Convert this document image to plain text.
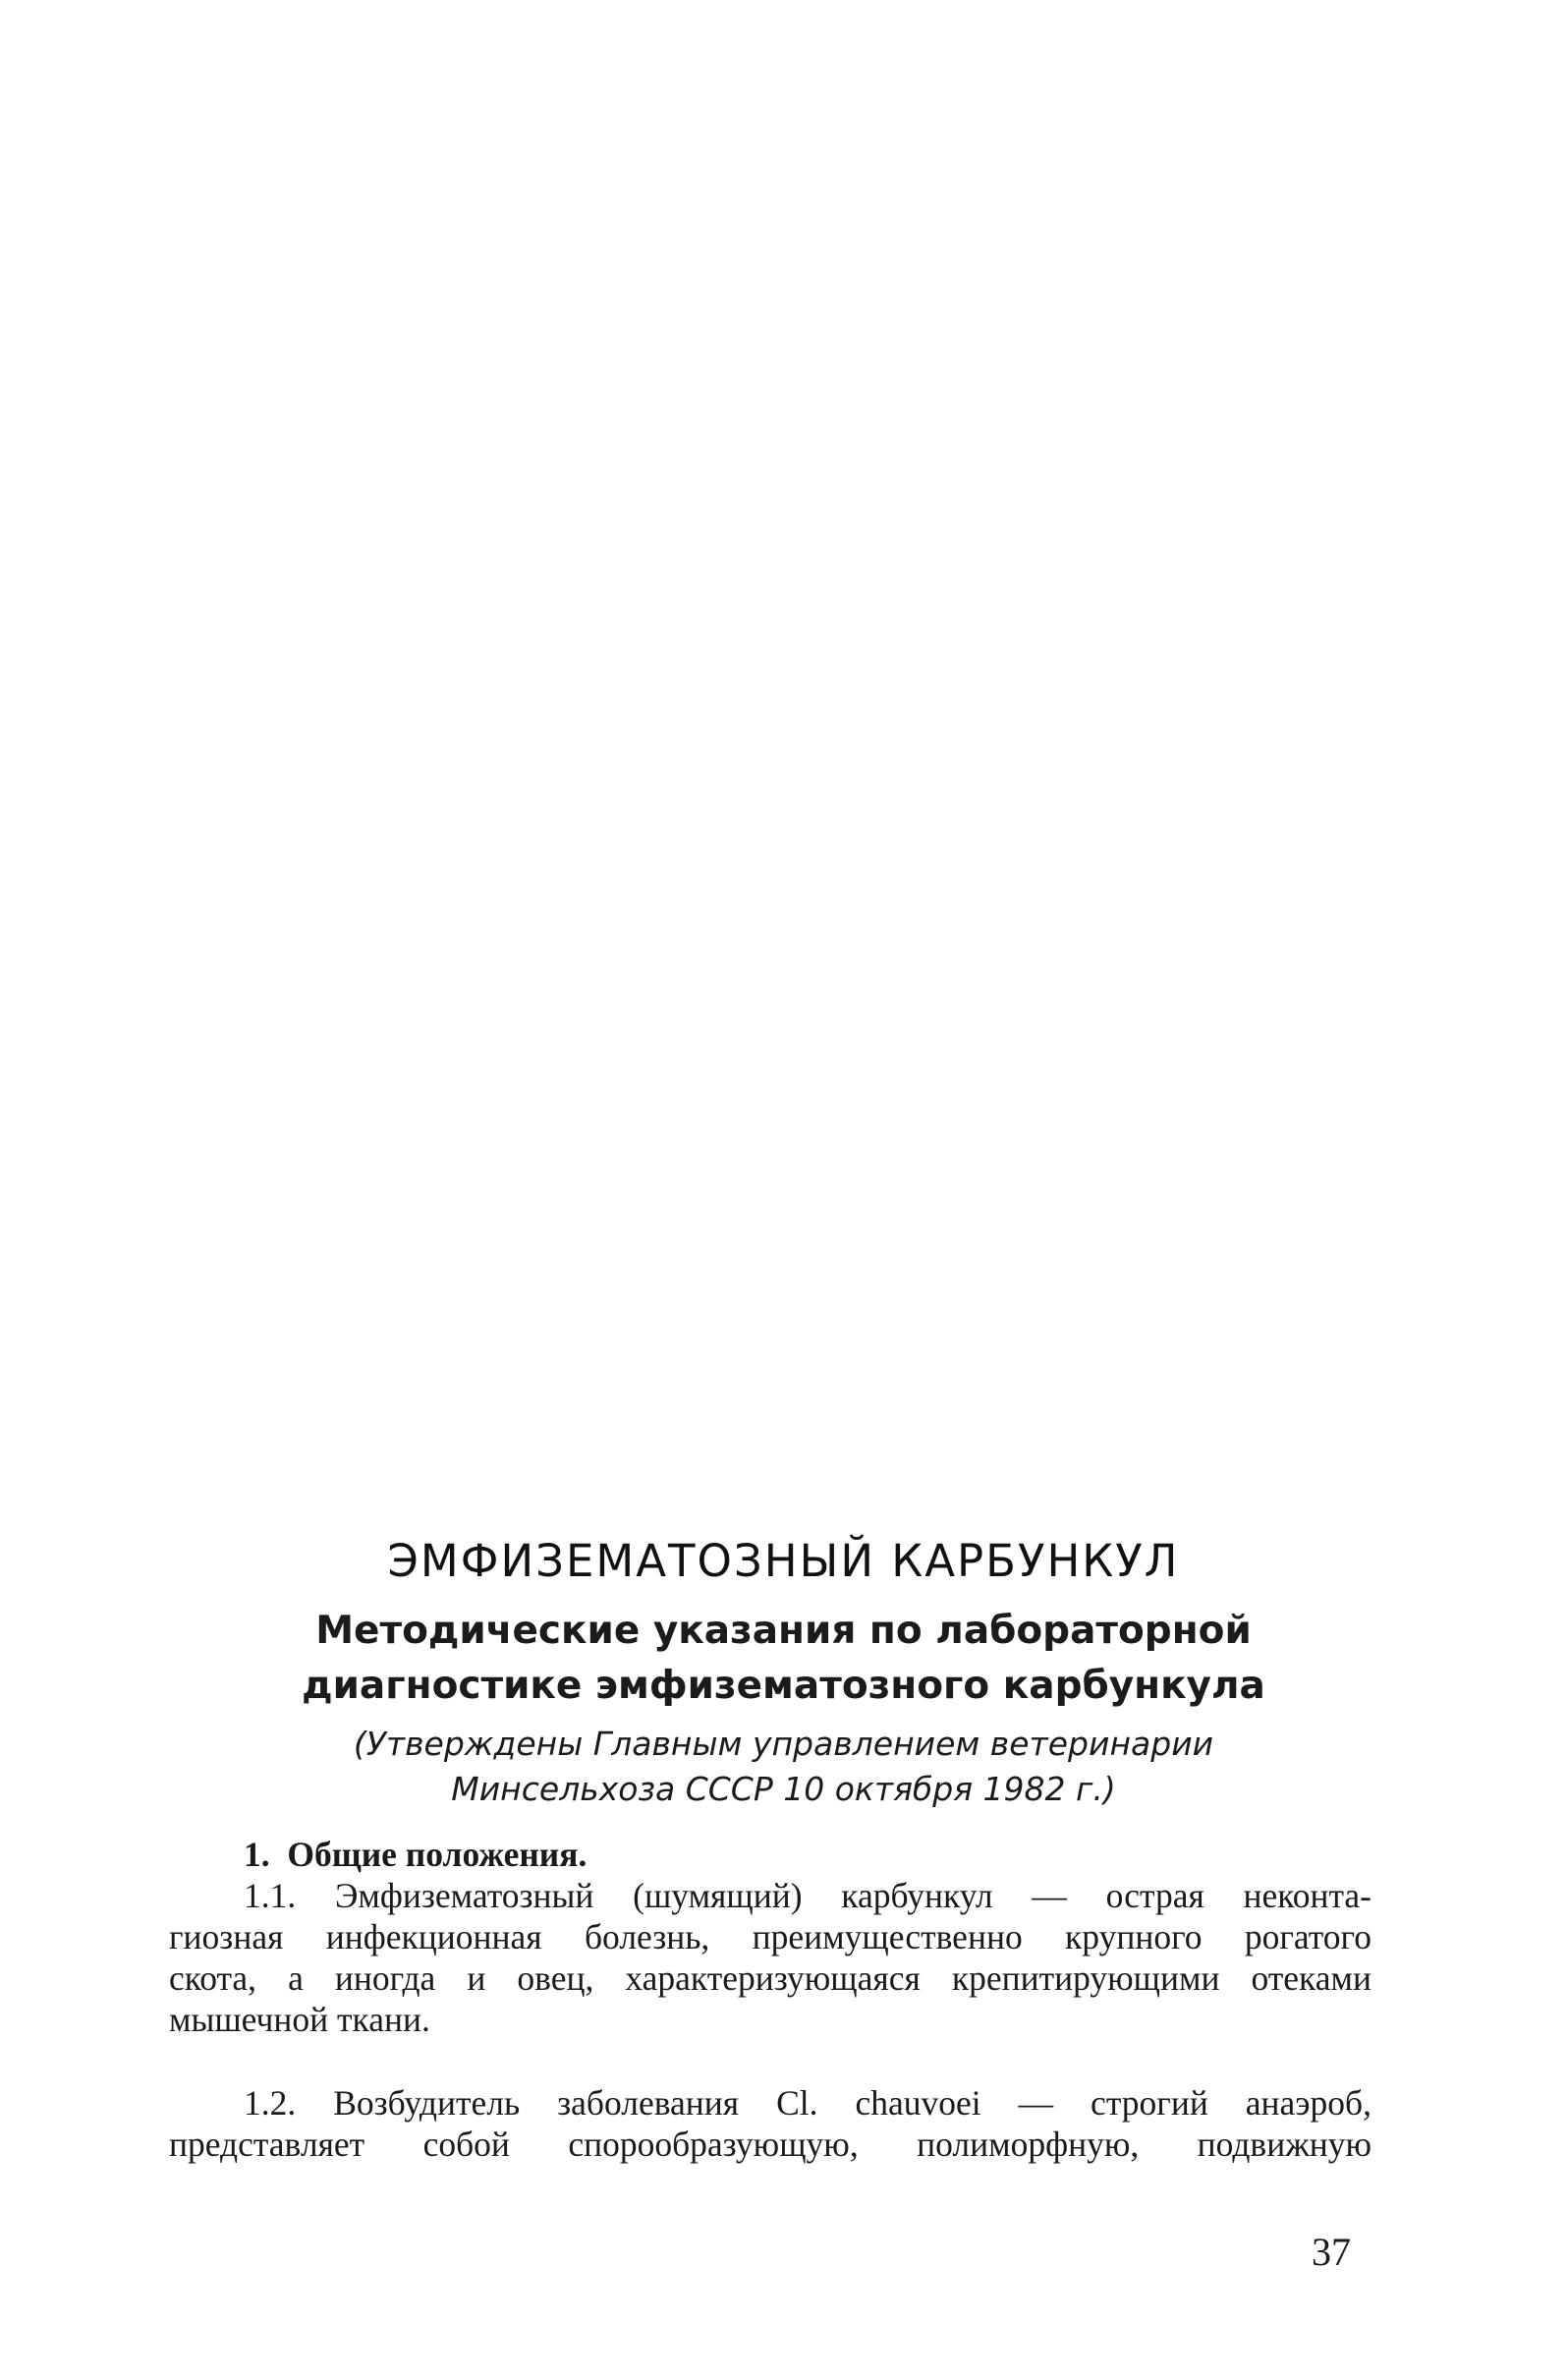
ЭМФИЗЕМАТОЗНЫЙ КАРБУНКУЛ
Методические указания по лабораторной
диагностике эмфизематозного карбункула
(Утверждены Главным управлением ветеринарии
Минсельхоза СССР 10 октября 1982 г.)
1.  Общие положения.
1.1. Эмфизематозный (шумящий) карбункул — острая неконта-
гиозная инфекционная болезнь, преимущественно крупного рогатого
скота, а иногда и овец, характеризующаяся крепитирующими отеками
мышечной ткани.
1.2. Возбудитель заболевания Cl. chauvoei — строгий анаэроб,
представляет собой спорообразующую, полиморфную, подвижную
37
